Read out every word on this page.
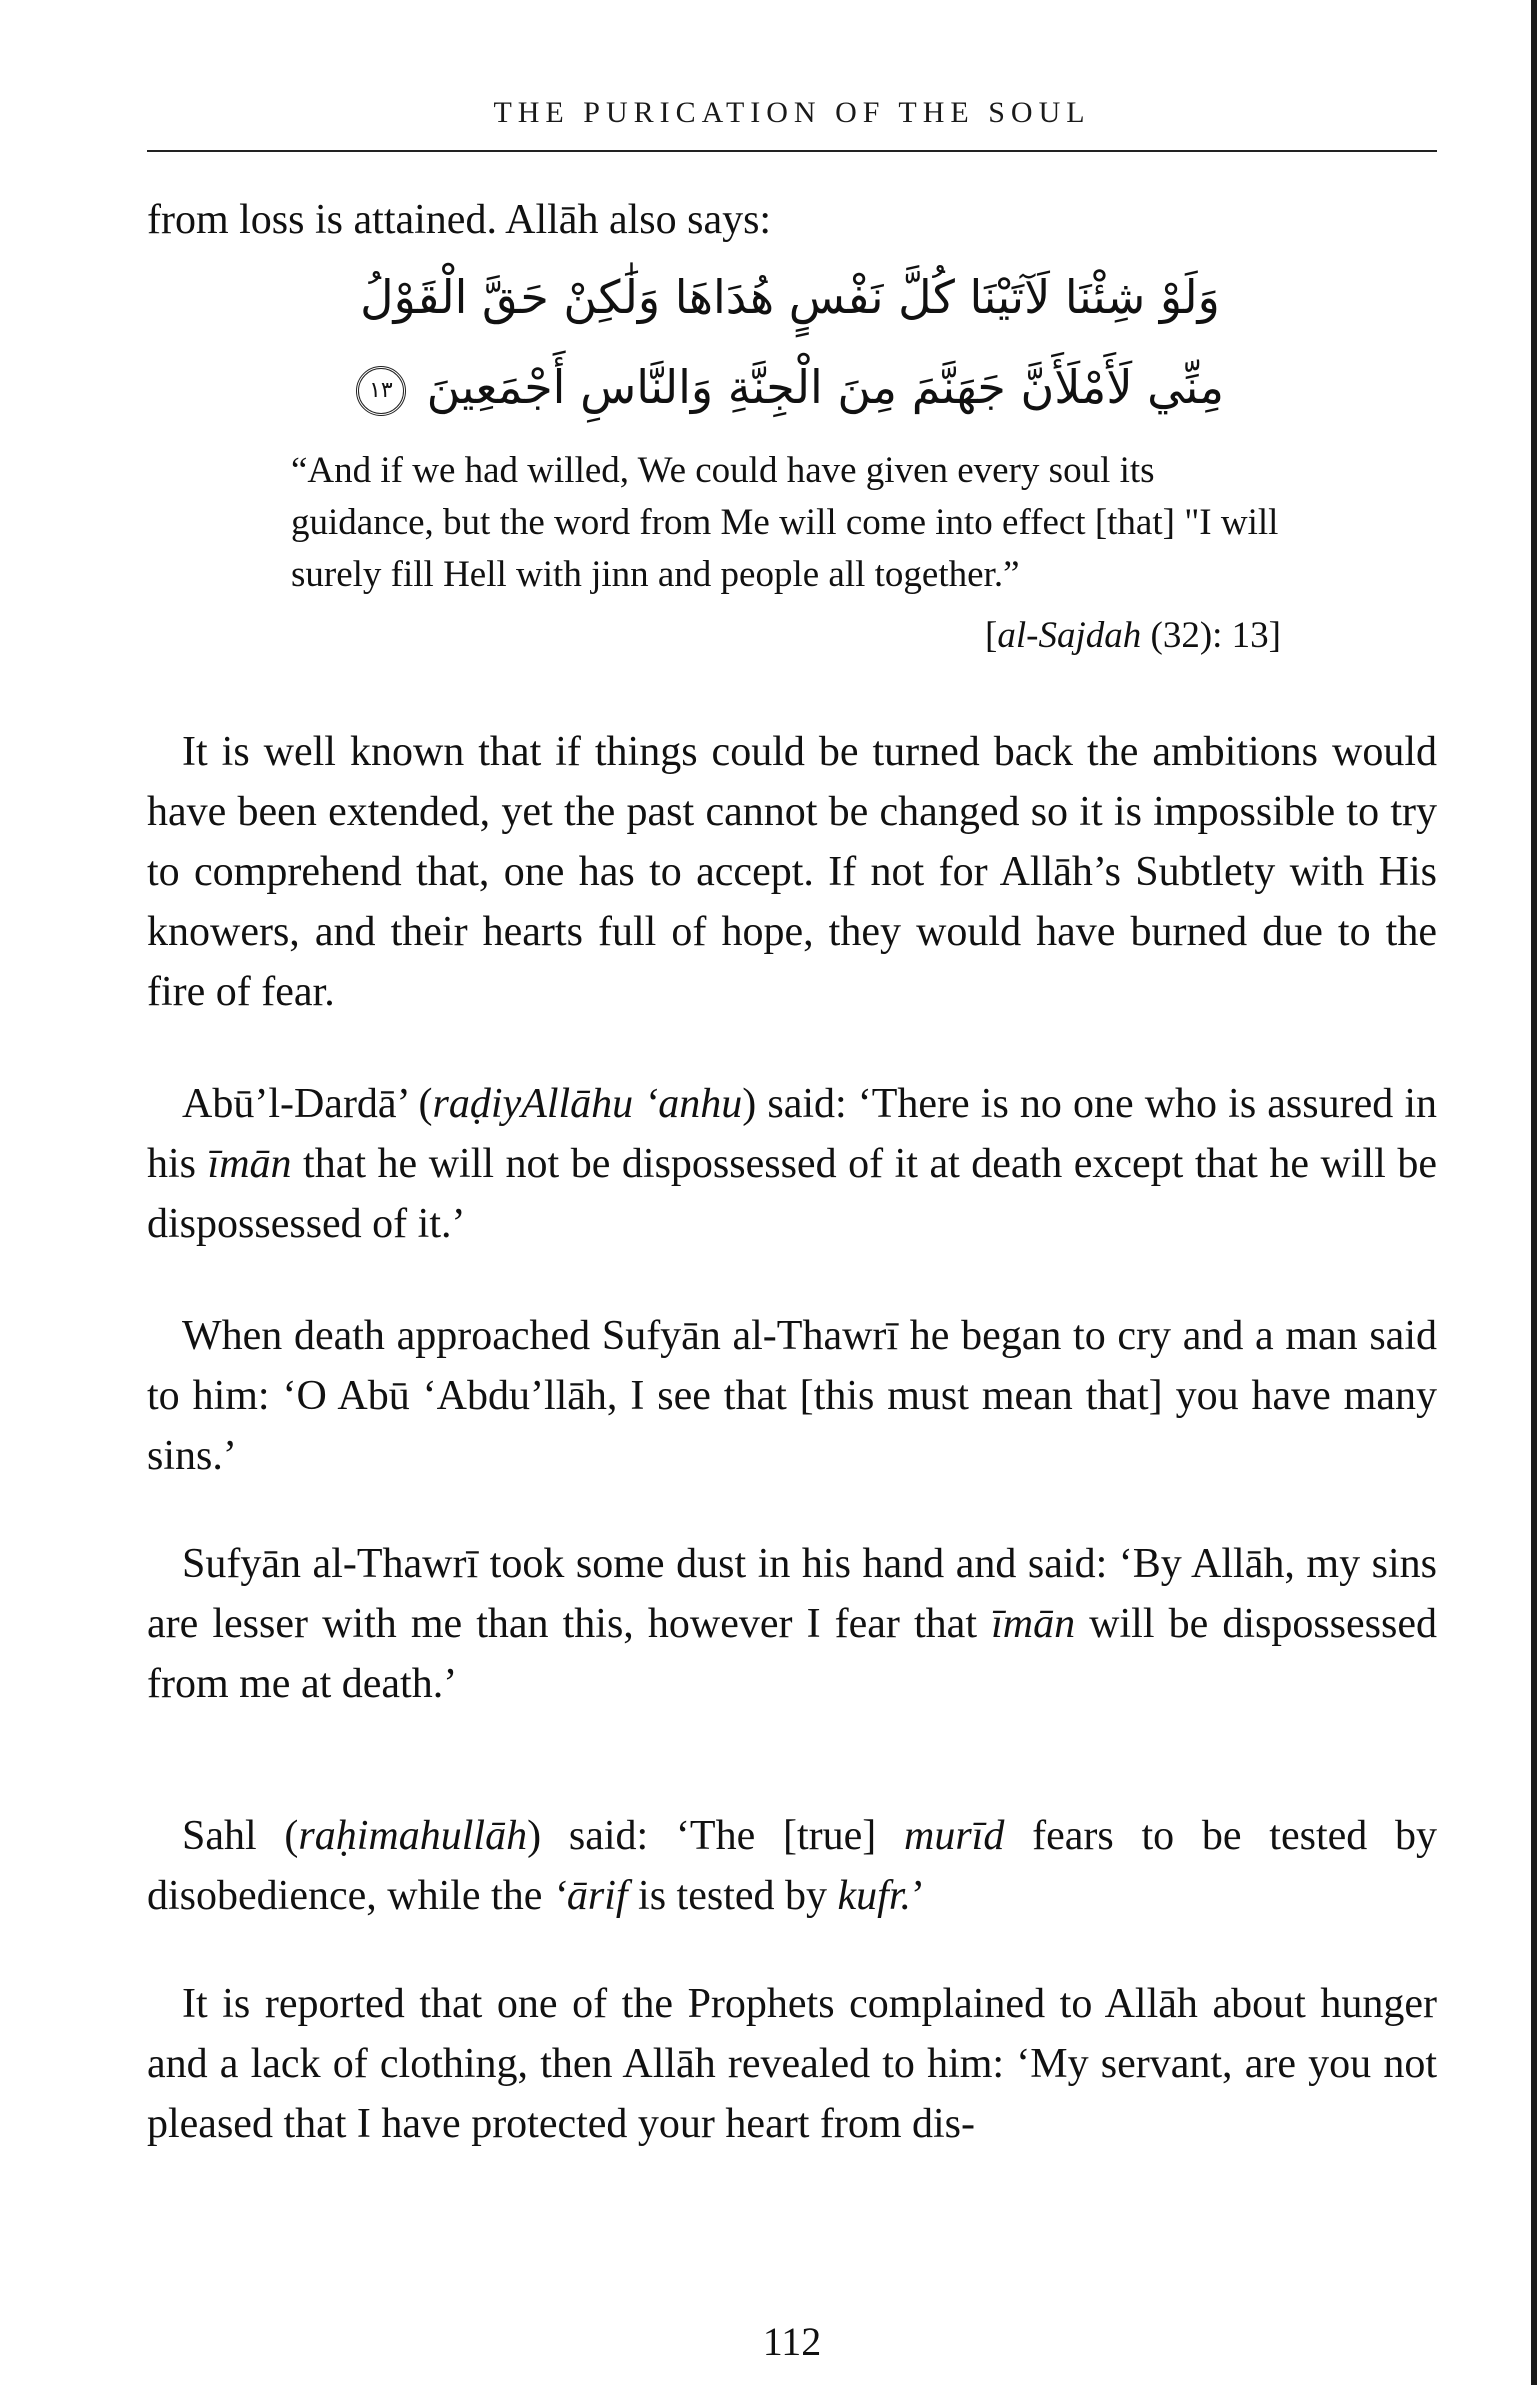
THE PURICATION OF THE SOUL

from loss is attained. Allāh also says:

وَلَوْ شِئْنَا لَآتَيْنَا كُلَّ نَفْسٍ هُدَاهَا وَلَٰكِنْ حَقَّ الْقَوْلُ
مِنِّي لَأَمْلَأَنَّ جَهَنَّمَ مِنَ الْجِنَّةِ وَالنَّاسِ أَجْمَعِينَ ١٣

“And if we had willed, We could have given every soul its guidance, but the word from Me will come into effect [that] "I will surely fill Hell with jinn and people all together.”

[al-Sajdah (32): 13]

It is well known that if things could be turned back the ambitions would have been extended, yet the past cannot be changed so it is impossible to try to comprehend that, one has to accept. If not for Allāh’s Subtlety with His knowers, and their hearts full of hope, they would have burned due to the fire of fear.

Abū’l-Dardā’ (raḍiyAllāhu ‘anhu) said: ‘There is no one who is assured in his īmān that he will not be dispossessed of it at death except that he will be dispossessed of it.’

When death approached Sufyān al-Thawrī he began to cry and a man said to him: ‘O Abū ‘Abdu’llāh, I see that [this must mean that] you have many sins.’

Sufyān al-Thawrī took some dust in his hand and said: ‘By Allāh, my sins are lesser with me than this, however I fear that īmān will be dispossessed from me at death.’

Sahl (raḥimahullāh) said: ‘The [true] murīd fears to be tested by disobedience, while the ‘ārif is tested by kufr.’

It is reported that one of the Prophets complained to Allāh about hunger and a lack of clothing, then Allāh revealed to him: ‘My servant, are you not pleased that I have protected your heart from dis-

112
